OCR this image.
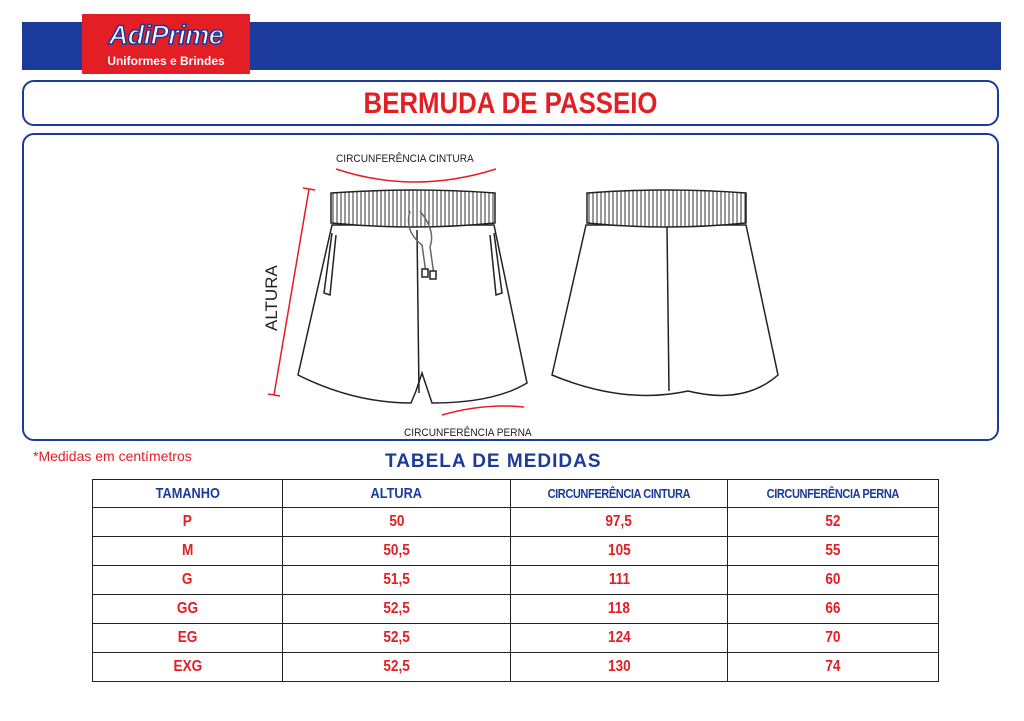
AdiPrime
Uniformes e Brindes
BERMUDA DE PASSEIO
CIRCUNFERÊNCIA CINTURA
CIRCUNFERÊNCIA PERNA
ALTURA
*Medidas em centímetros	TABELA DE MEDIDAS
TAMANHO	ALTURA	CIRCUNFERÊNCIA CINTURA	CIRCUNFERÊNCIA PERNA
P	50	97,5	52
M	50,5	105	55
G	51,5	111	60
GG	52,5	118	66
EG	52,5	124	70
EXG	52,5	130	74
